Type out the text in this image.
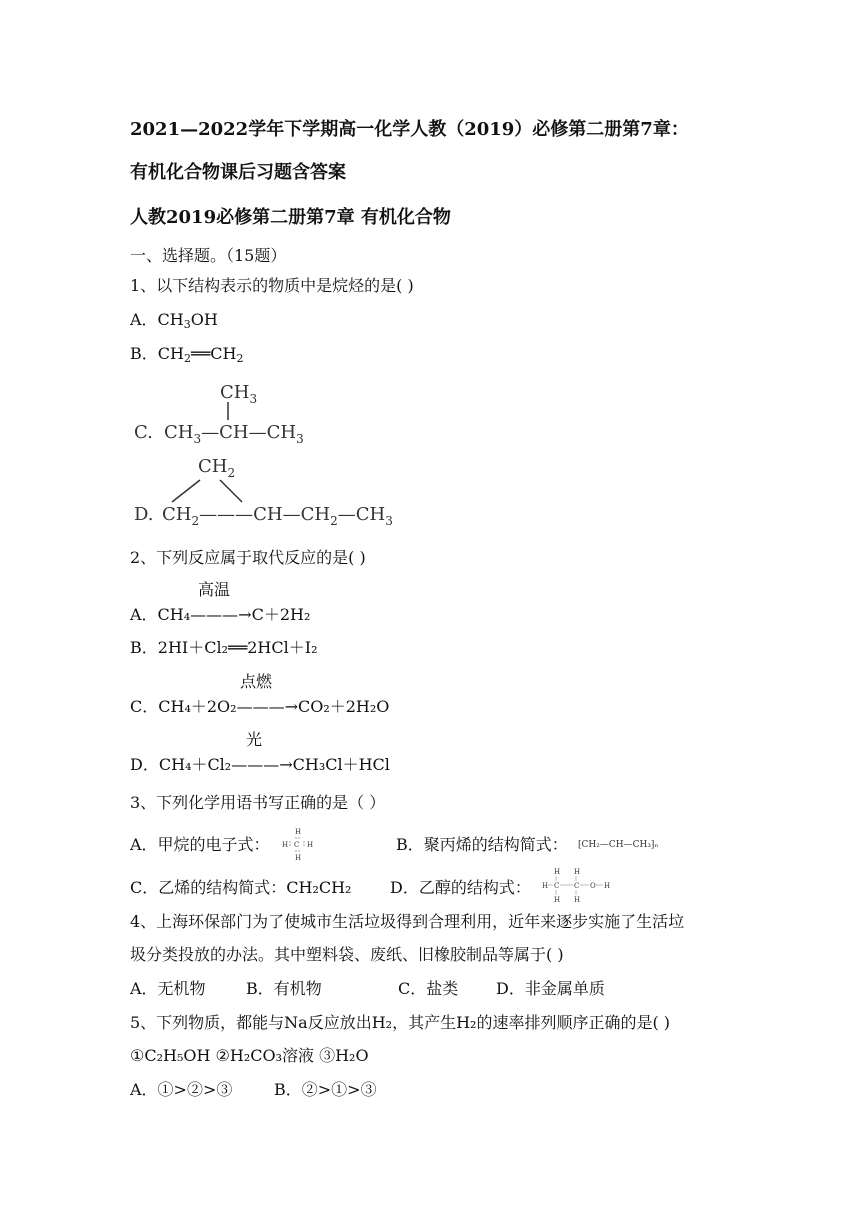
2021—2022学年下学期高一化学人教（2019）必修第二册第7章：
有机化合物课后习题含答案
人教2019必修第二册第7章 有机化合物
一、选择题。（15题）
1、以下结构表示的物质中是烷烃的是( )
A．$CH_3OH$
B．$CH_2══CH_2$
C.
$CH_3$
$CH_3—CH—CH_3$
D.
$CH_2$
$CH_2———CH—CH_2—CH_3$
2、下列反应属于取代反应的是( )
高温
A．CH₄———→C＋2H₂
B．2HI＋Cl₂══2HCl＋I₂
点燃
C．CH₄＋2O₂———→CO₂＋2H₂O
光
D．CH₄＋Cl₂———→CH₃Cl＋HCl
3、下列化学用语书写正确的是（ ）
A．甲烷的电子式：
H
H C H
H
B．聚丙烯的结构简式： ⁅CH₂—CH—CH₃⁆ₙ
C．乙烯的结构简式：CH₂CH₂ D．乙醇的结构式：
H H
H C C O H
H H
4、上海环保部门为了使城市生活垃圾得到合理利用，近年来逐步实施了生活垃
圾分类投放的办法。其中塑料袋、废纸、旧橡胶制品等属于( )
A．无机物	B．有机物	C．盐类 D．非金属单质
5、下列物质，都能与Na反应放出H₂，其产生H₂的速率排列顺序正确的是( )
①C₂H₅OH ②H₂CO₃溶液 ③H₂O
A．①>②>③	B．②>①>③
